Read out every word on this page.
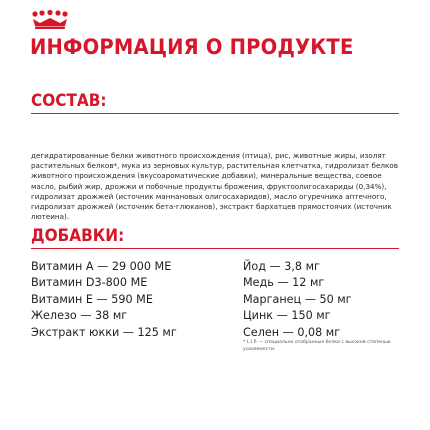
ИНФОРМАЦИЯ О ПРОДУКТЕ
СОСТАВ:

дегидратированные белки животного происхождения (птица), рис, животные жиры, изолят растительных белков*, мука из зерновых культур, растительная клетчатка, гидролизат белков животного происхождения (вкусоароматические добавки), минеральные вещества, соевое масло, рыбий жир, дрожжи и побочные продукты брожения, фруктоолигосахариды (0,34%), гидролизат дрожжей (источник маннановых олигосахаридов), масло огуречника аптечного, гидролизат дрожжей (источник бета-глюканов), экстракт бархатцев прямостоячих (источник лютеина).

ДОБАВКИ:
Витамин А — 29 000 МЕ
Витамин D3-800 МЕ
Витамин Е — 590 МЕ
Железо — 38 мг
Экстракт юкки — 125 мг
Йод — 3,8 мг
Медь — 12 мг
Марганец — 50 мг
Цинк — 150 мг
Селен — 0,08 мг

* L.I.P. — специально отобранные белки с высокой степенью усвояемости.
